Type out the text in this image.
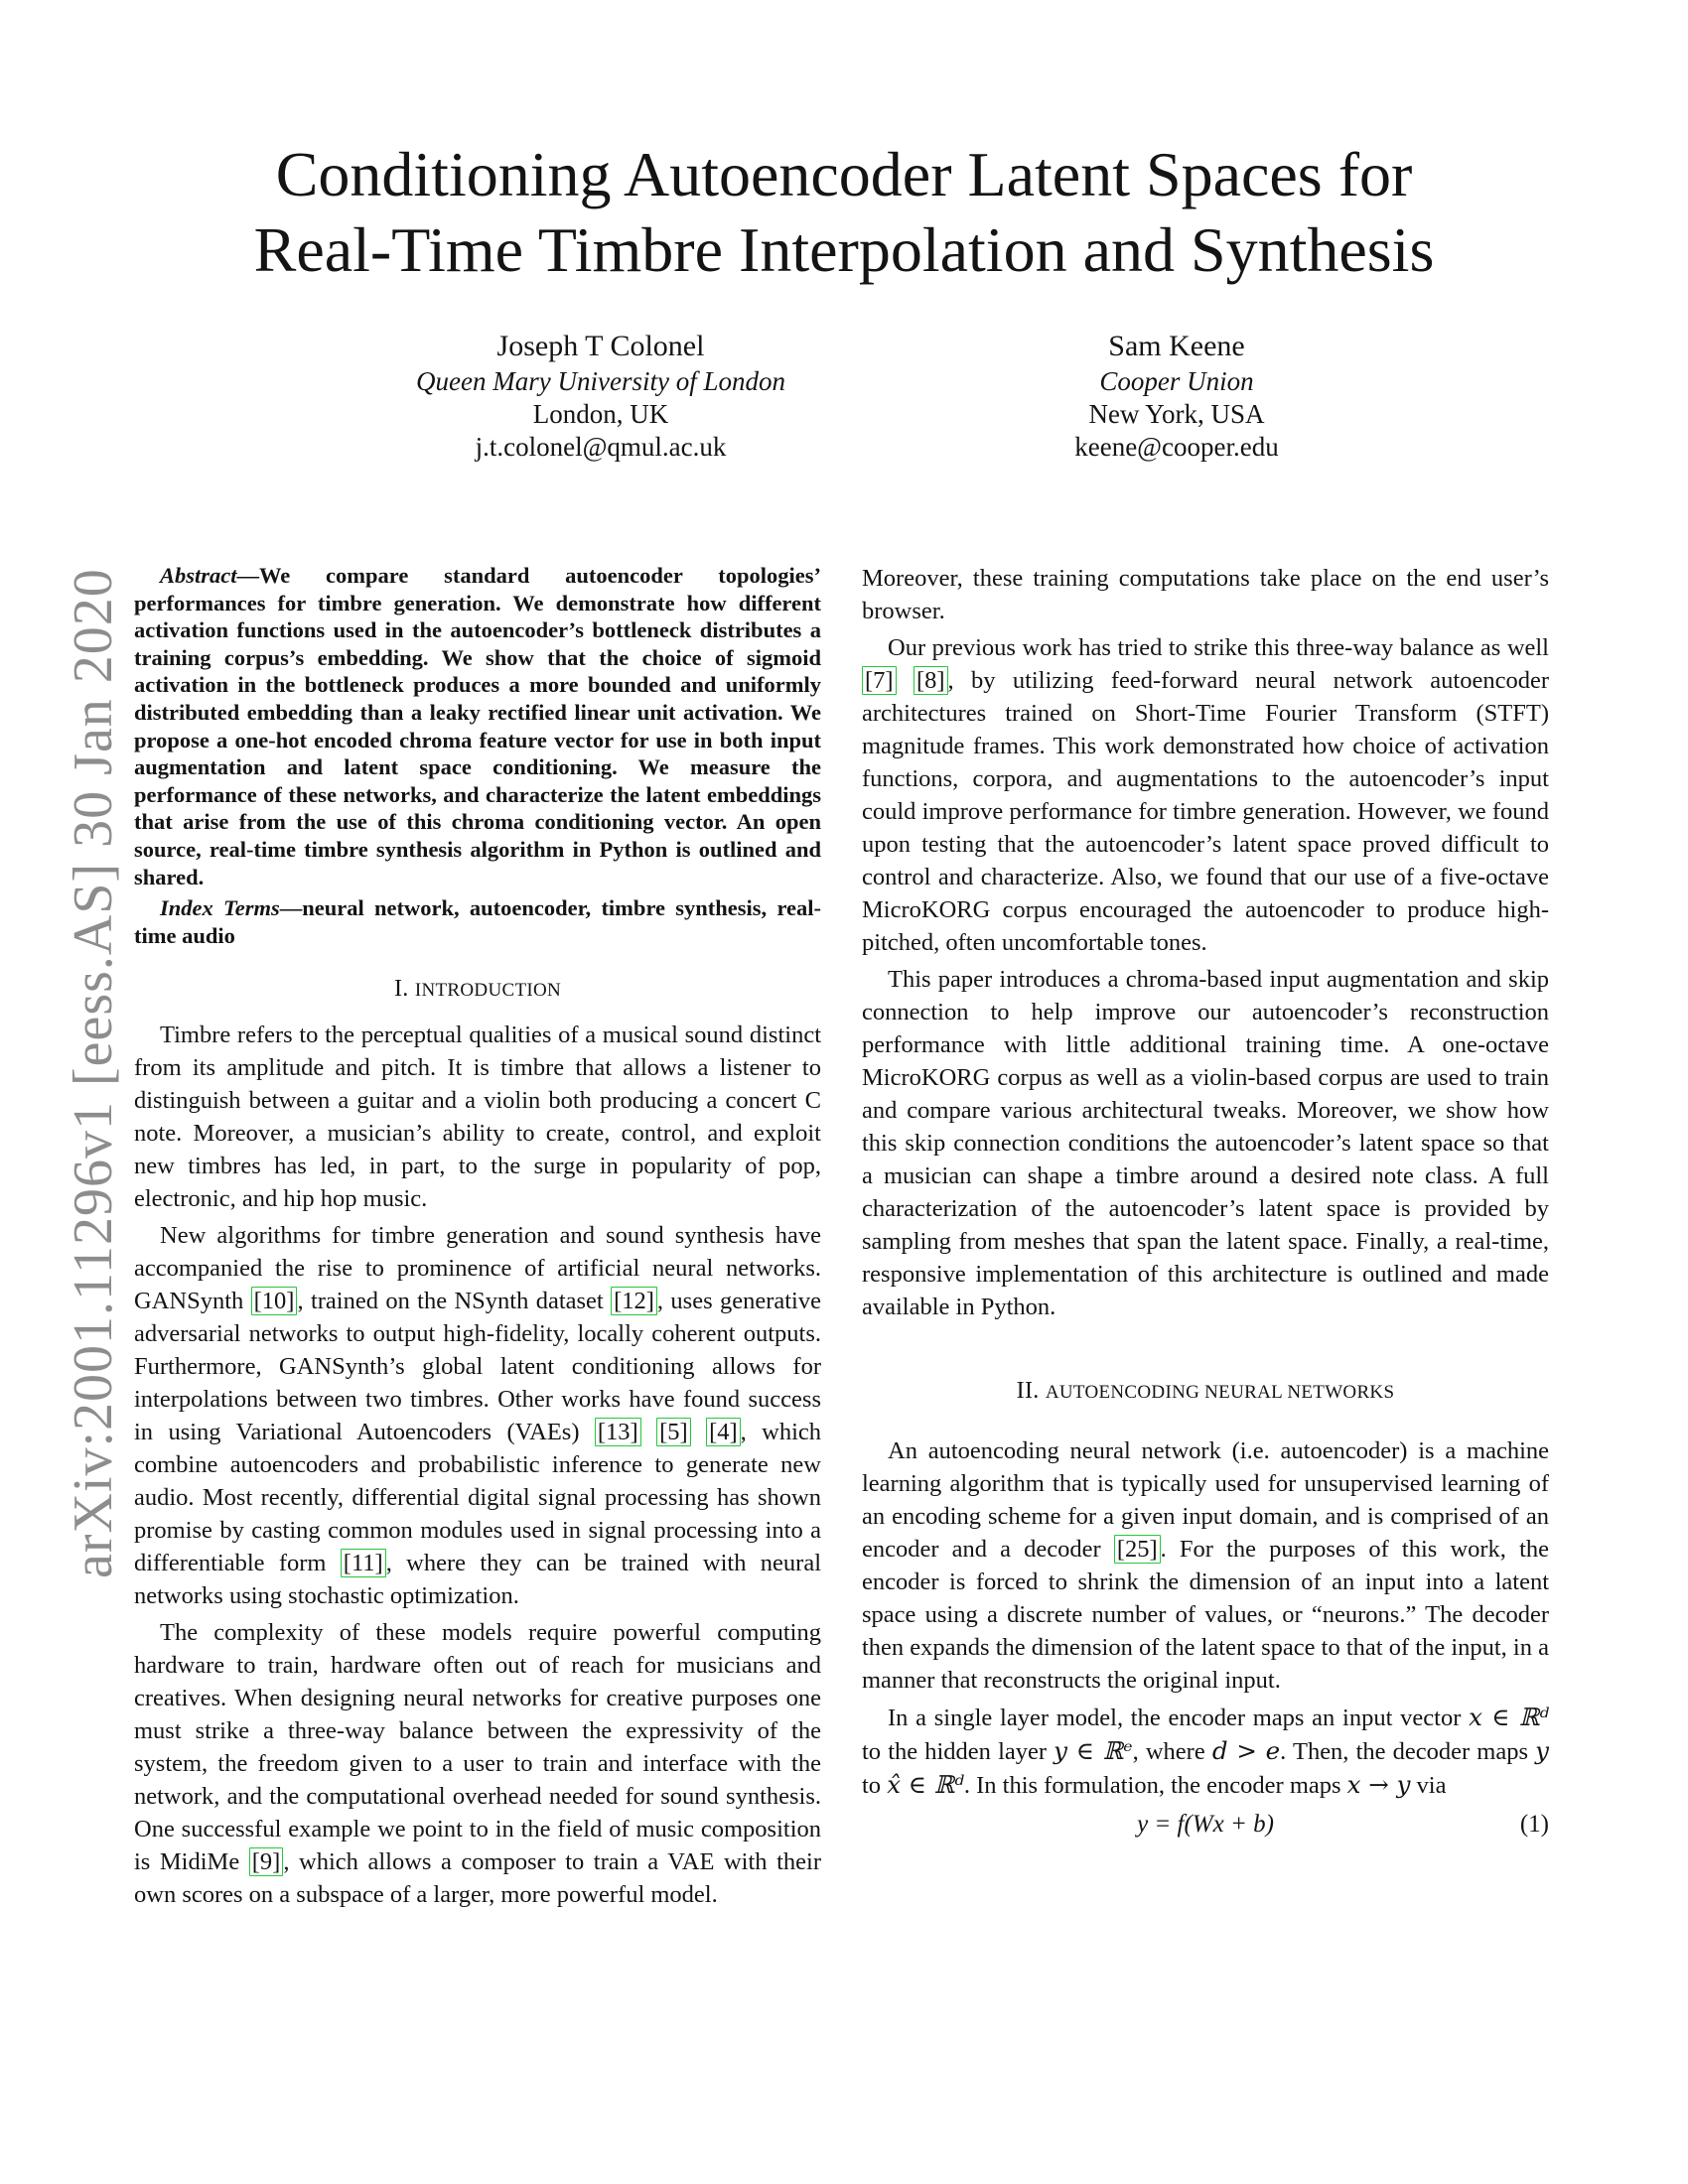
Conditioning Autoencoder Latent Spaces for
Real-Time Timbre Interpolation and Synthesis
Joseph T Colonel
Queen Mary University of London
London, UK
j.t.colonel@qmul.ac.uk
Sam Keene
Cooper Union
New York, USA
keene@cooper.edu
arXiv:2001.11296v1 [eess.AS] 30 Jan 2020	Abstract—We compare standard autoencoder topologies’ performances for timbre generation. We demonstrate how different activation functions used in the autoencoder’s bottleneck distributes a training corpus’s embedding. We show that the choice of sigmoid activation in the bottleneck produces a more bounded and uniformly distributed embedding than a leaky rectified linear unit activation. We propose a one-hot encoded chroma feature vector for use in both input augmentation and latent space conditioning. We measure the performance of these networks, and characterize the latent embeddings that arise from the use of this chroma conditioning vector. An open source, real-time timbre synthesis algorithm in Python is outlined and shared.

Index Terms—neural network, autoencoder, timbre synthesis, real-time audio

I. INTRODUCTION

Timbre refers to the perceptual qualities of a musical sound distinct from its amplitude and pitch. It is timbre that allows a listener to distinguish between a guitar and a violin both producing a concert C note. Moreover, a musician’s ability to create, control, and exploit new timbres has led, in part, to the surge in popularity of pop, electronic, and hip hop music.

New algorithms for timbre generation and sound synthesis have accompanied the rise to prominence of artificial neural networks. GANSynth [10] , trained on the NSynth dataset [12] , uses generative adversarial networks to output high-fidelity, locally coherent outputs. Furthermore, GANSynth’s global latent conditioning allows for interpolations between two timbres. Other works have found success in using Variational Autoencoders (VAEs) [13] [5] [4] , which combine autoencoders and probabilistic inference to generate new audio. Most recently, differential digital signal processing has shown promise by casting common modules used in signal processing into a differentiable form [11] , where they can be trained with neural networks using stochastic optimization.

The complexity of these models require powerful computing hardware to train, hardware often out of reach for musicians and creatives. When designing neural networks for creative purposes one must strike a three-way balance between the expressivity of the system, the freedom given to a user to train and interface with the network, and the computational overhead needed for sound synthesis. One successful example we point to in the field of music composition is MidiMe [9] , which allows a composer to train a VAE with their own scores on a subspace of a larger, more powerful model.

Moreover, these training computations take place on the end user’s browser.

Our previous work has tried to strike this three-way balance as well [7] [8] , by utilizing feed-forward neural network autoencoder architectures trained on Short-Time Fourier Transform (STFT) magnitude frames. This work demonstrated how choice of activation functions, corpora, and augmentations to the autoencoder’s input could improve performance for timbre generation. However, we found upon testing that the autoencoder’s latent space proved difficult to control and characterize. Also, we found that our use of a five-octave MicroKORG corpus encouraged the autoencoder to produce high-pitched, often uncomfortable tones.

This paper introduces a chroma-based input augmentation and skip connection to help improve our autoencoder’s reconstruction performance with little additional training time. A one-octave MicroKORG corpus as well as a violin-based corpus are used to train and compare various architectural tweaks. Moreover, we show how this skip connection conditions the autoencoder’s latent space so that a musician can shape a timbre around a desired note class. A full characterization of the autoencoder’s latent space is provided by sampling from meshes that span the latent space. Finally, a real-time, responsive implementation of this architecture is outlined and made available in Python.

II. AUTOENCODING NEURAL NETWORKS

An autoencoding neural network (i.e. autoencoder) is a machine learning algorithm that is typically used for unsupervised learning of an encoding scheme for a given input domain, and is comprised of an encoder and a decoder [25] . For the purposes of this work, the encoder is forced to shrink the dimension of an input into a latent space using a discrete number of values, or “neurons.” The decoder then expands the dimension of the latent space to that of the input, in a manner that reconstructs the original input.

In a single layer model, the encoder maps an input vector x ∈ ℝᵈ to the hidden layer y ∈ ℝᵉ, where d > e. Then, the decoder maps y to x̂ ∈ ℝᵈ. In this formulation, the encoder maps x → y via

y = f(Wx + b)	(1)
